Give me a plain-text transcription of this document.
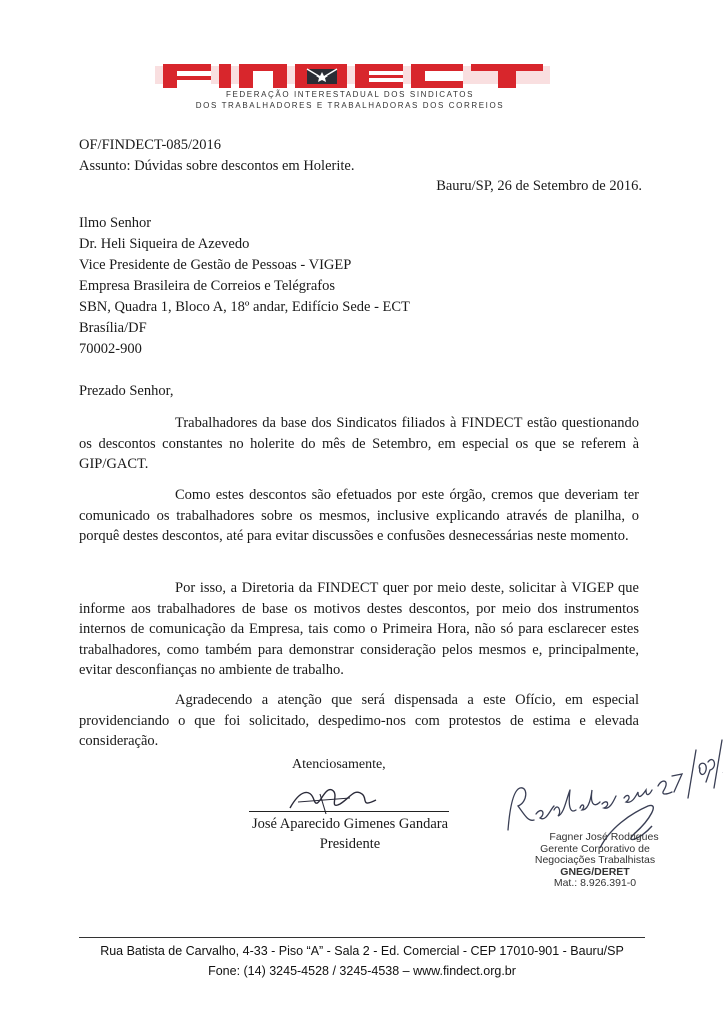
FEDERAÇÃO INTERESTADUAL DOS SINDICATOS
DOS TRABALHADORES E TRABALHADORAS DOS CORREIOS
OF/FINDECT-085/2016
Assunto: Dúvidas sobre descontos em Holerite.
Bauru/SP, 26 de Setembro de 2016.
Ilmo Senhor
Dr. Heli Siqueira de Azevedo
Vice Presidente de Gestão de Pessoas - VIGEP
Empresa Brasileira de Correios e Telégrafos
SBN, Quadra 1, Bloco A, 18º andar, Edifício Sede - ECT
Brasília/DF
70002-900
Prezado Senhor,
Trabalhadores da base dos Sindicatos filiados à FINDECT estão questionando os descontos constantes no holerite do mês de Setembro, em especial os que se referem à GIP/GACT.
Como estes descontos são efetuados por este órgão, cremos que deveriam ter comunicado os trabalhadores sobre os mesmos, inclusive explicando através de planilha, o porquê destes descontos, até para evitar discussões e confusões desnecessárias neste momento.
Por isso, a Diretoria da FINDECT quer por meio deste, solicitar à VIGEP que informe aos trabalhadores de base os motivos destes descontos, por meio dos instrumentos internos de comunicação da Empresa, tais como o Primeira Hora, não só para esclarecer estes trabalhadores, como também para demonstrar consideração pelos mesmos e, principalmente, evitar desconfianças no ambiente de trabalho.
Agradecendo a atenção que será dispensada a este Ofício, em especial providenciando o que foi solicitado, despedimo-nos com protestos de estima e elevada consideração.
Atenciosamente,
José Aparecido Gimenes Gandara
Presidente	Fagner José Rodrigues
Gerente Corporativo de
Negociações Trabalhistas
GNEG/DERET
Mat.: 8.926.391-0
Rua Batista de Carvalho, 4-33 - Piso “A” - Sala 2 - Ed. Comercial - CEP 17010-901 - Bauru/SP
Fone: (14) 3245-4528 / 3245-4538 – www.findect.org.br
